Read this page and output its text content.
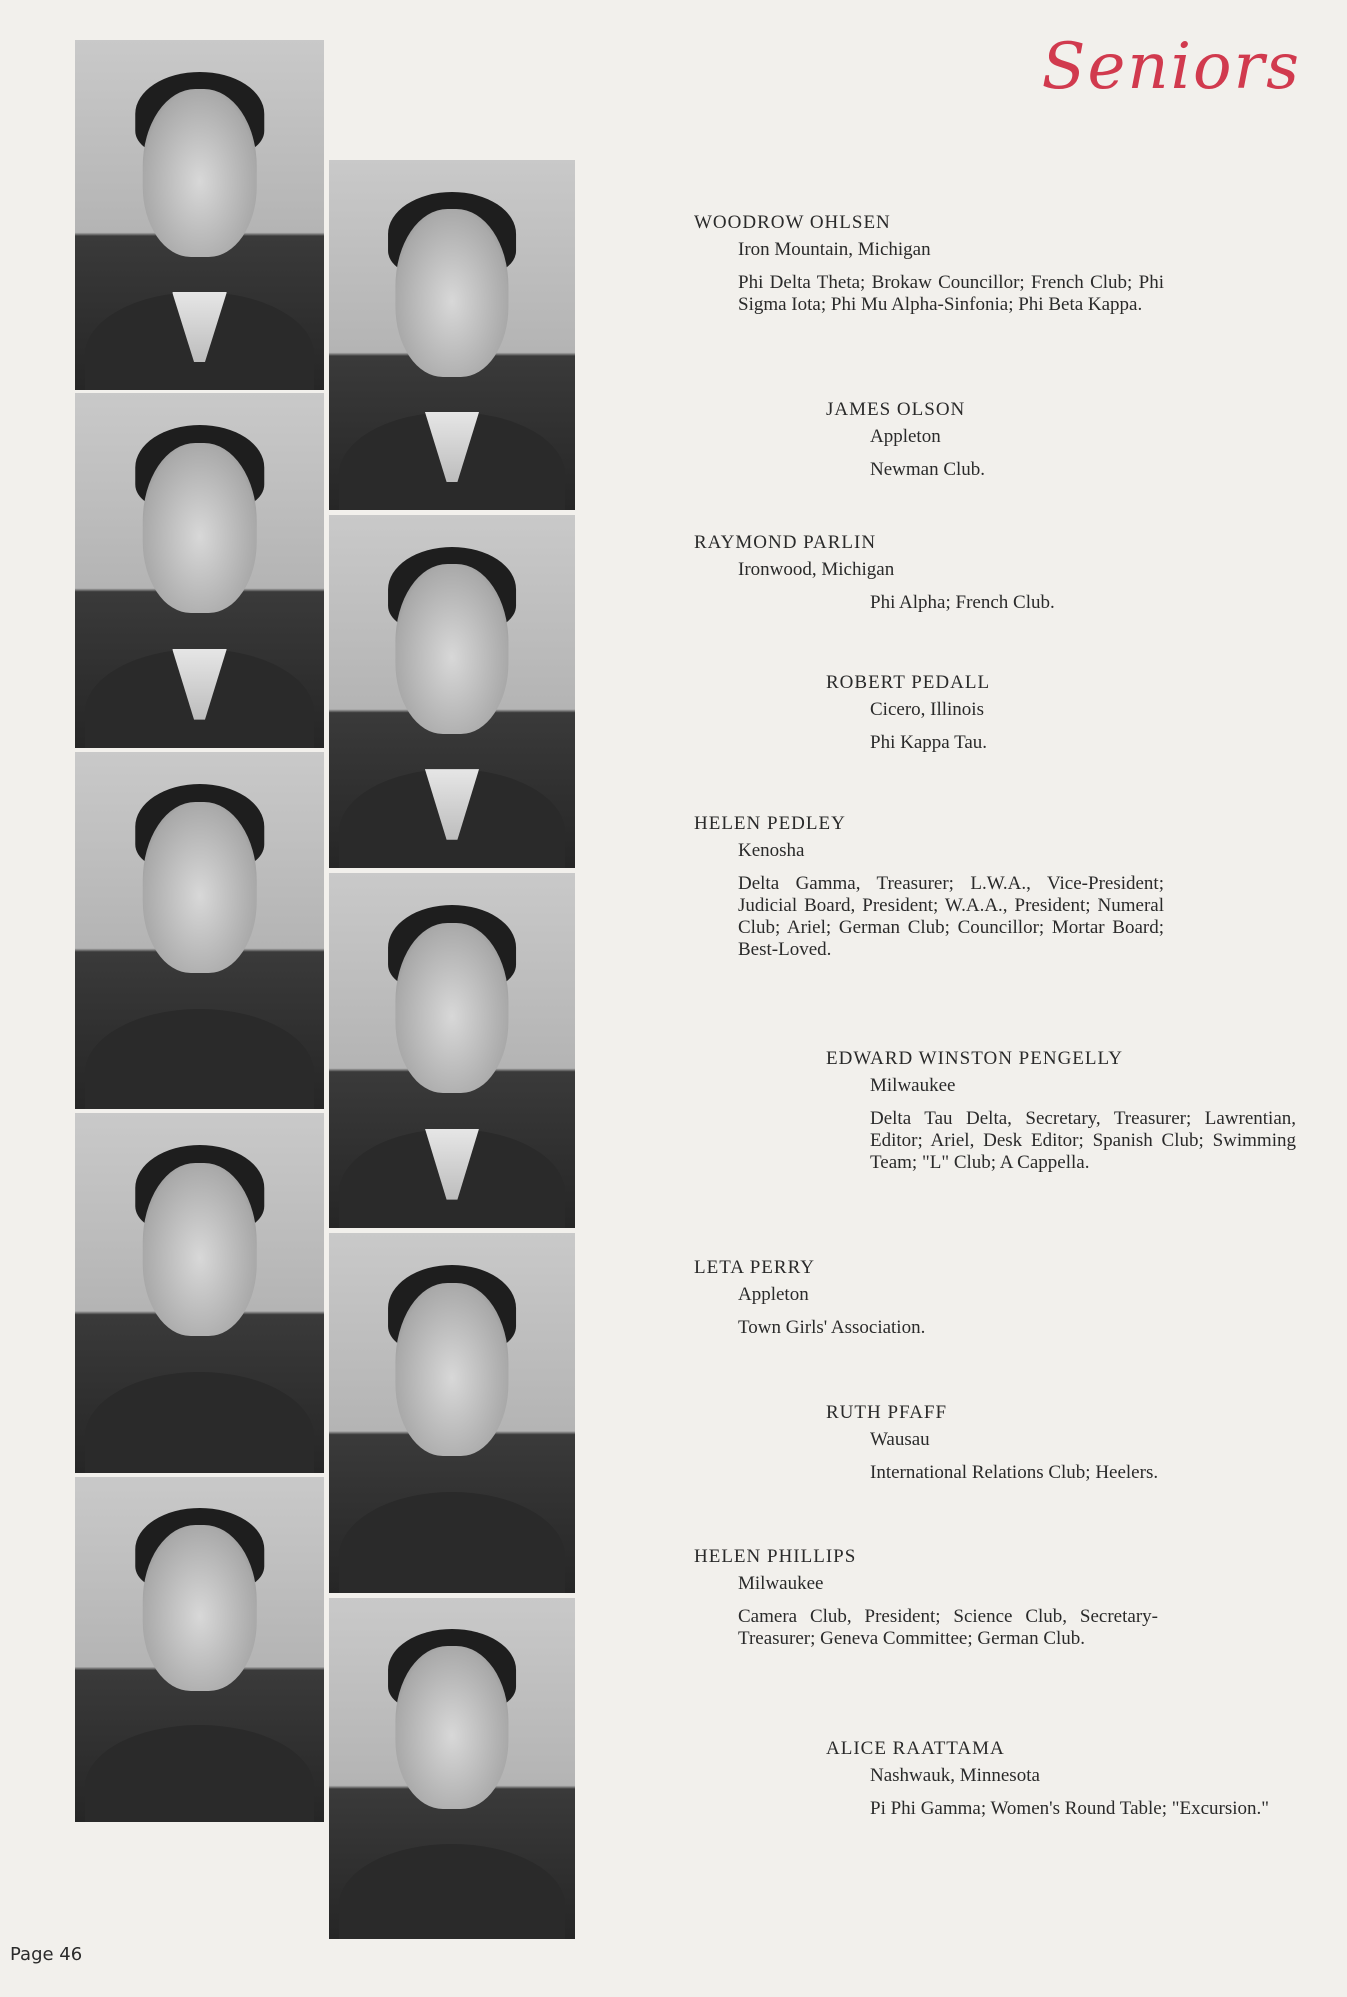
Seniors
WOODROW OHLSEN
Iron Mountain, Michigan
Phi Delta Theta; Brokaw Councillor; French Club; Phi Sigma Iota; Phi Mu Alpha-Sinfonia; Phi Beta Kappa.
JAMES OLSON
Appleton
Newman Club.
RAYMOND PARLIN
Ironwood, Michigan
Phi Alpha; French Club.
ROBERT PEDALL
Cicero, Illinois
Phi Kappa Tau.
HELEN PEDLEY
Kenosha
Delta Gamma, Treasurer; L.W.A., Vice-President; Judicial Board, President; W.A.A., President; Numeral Club; Ariel; German Club; Councillor; Mortar Board; Best-Loved.
EDWARD WINSTON PENGELLY
Milwaukee
Delta Tau Delta, Secretary, Treasurer; Lawrentian, Editor; Ariel, Desk Editor; Spanish Club; Swimming Team; "L" Club; A Cappella.
LETA PERRY
Appleton
Town Girls' Association.
RUTH PFAFF
Wausau
International Relations Club; Heelers.
HELEN PHILLIPS
Milwaukee
Camera Club, President; Science Club, Secretary-Treasurer; Geneva Committee; German Club.
ALICE RAATTAMA
Nashwauk, Minnesota
Pi Phi Gamma; Women's Round Table; "Excursion."
Page 46
